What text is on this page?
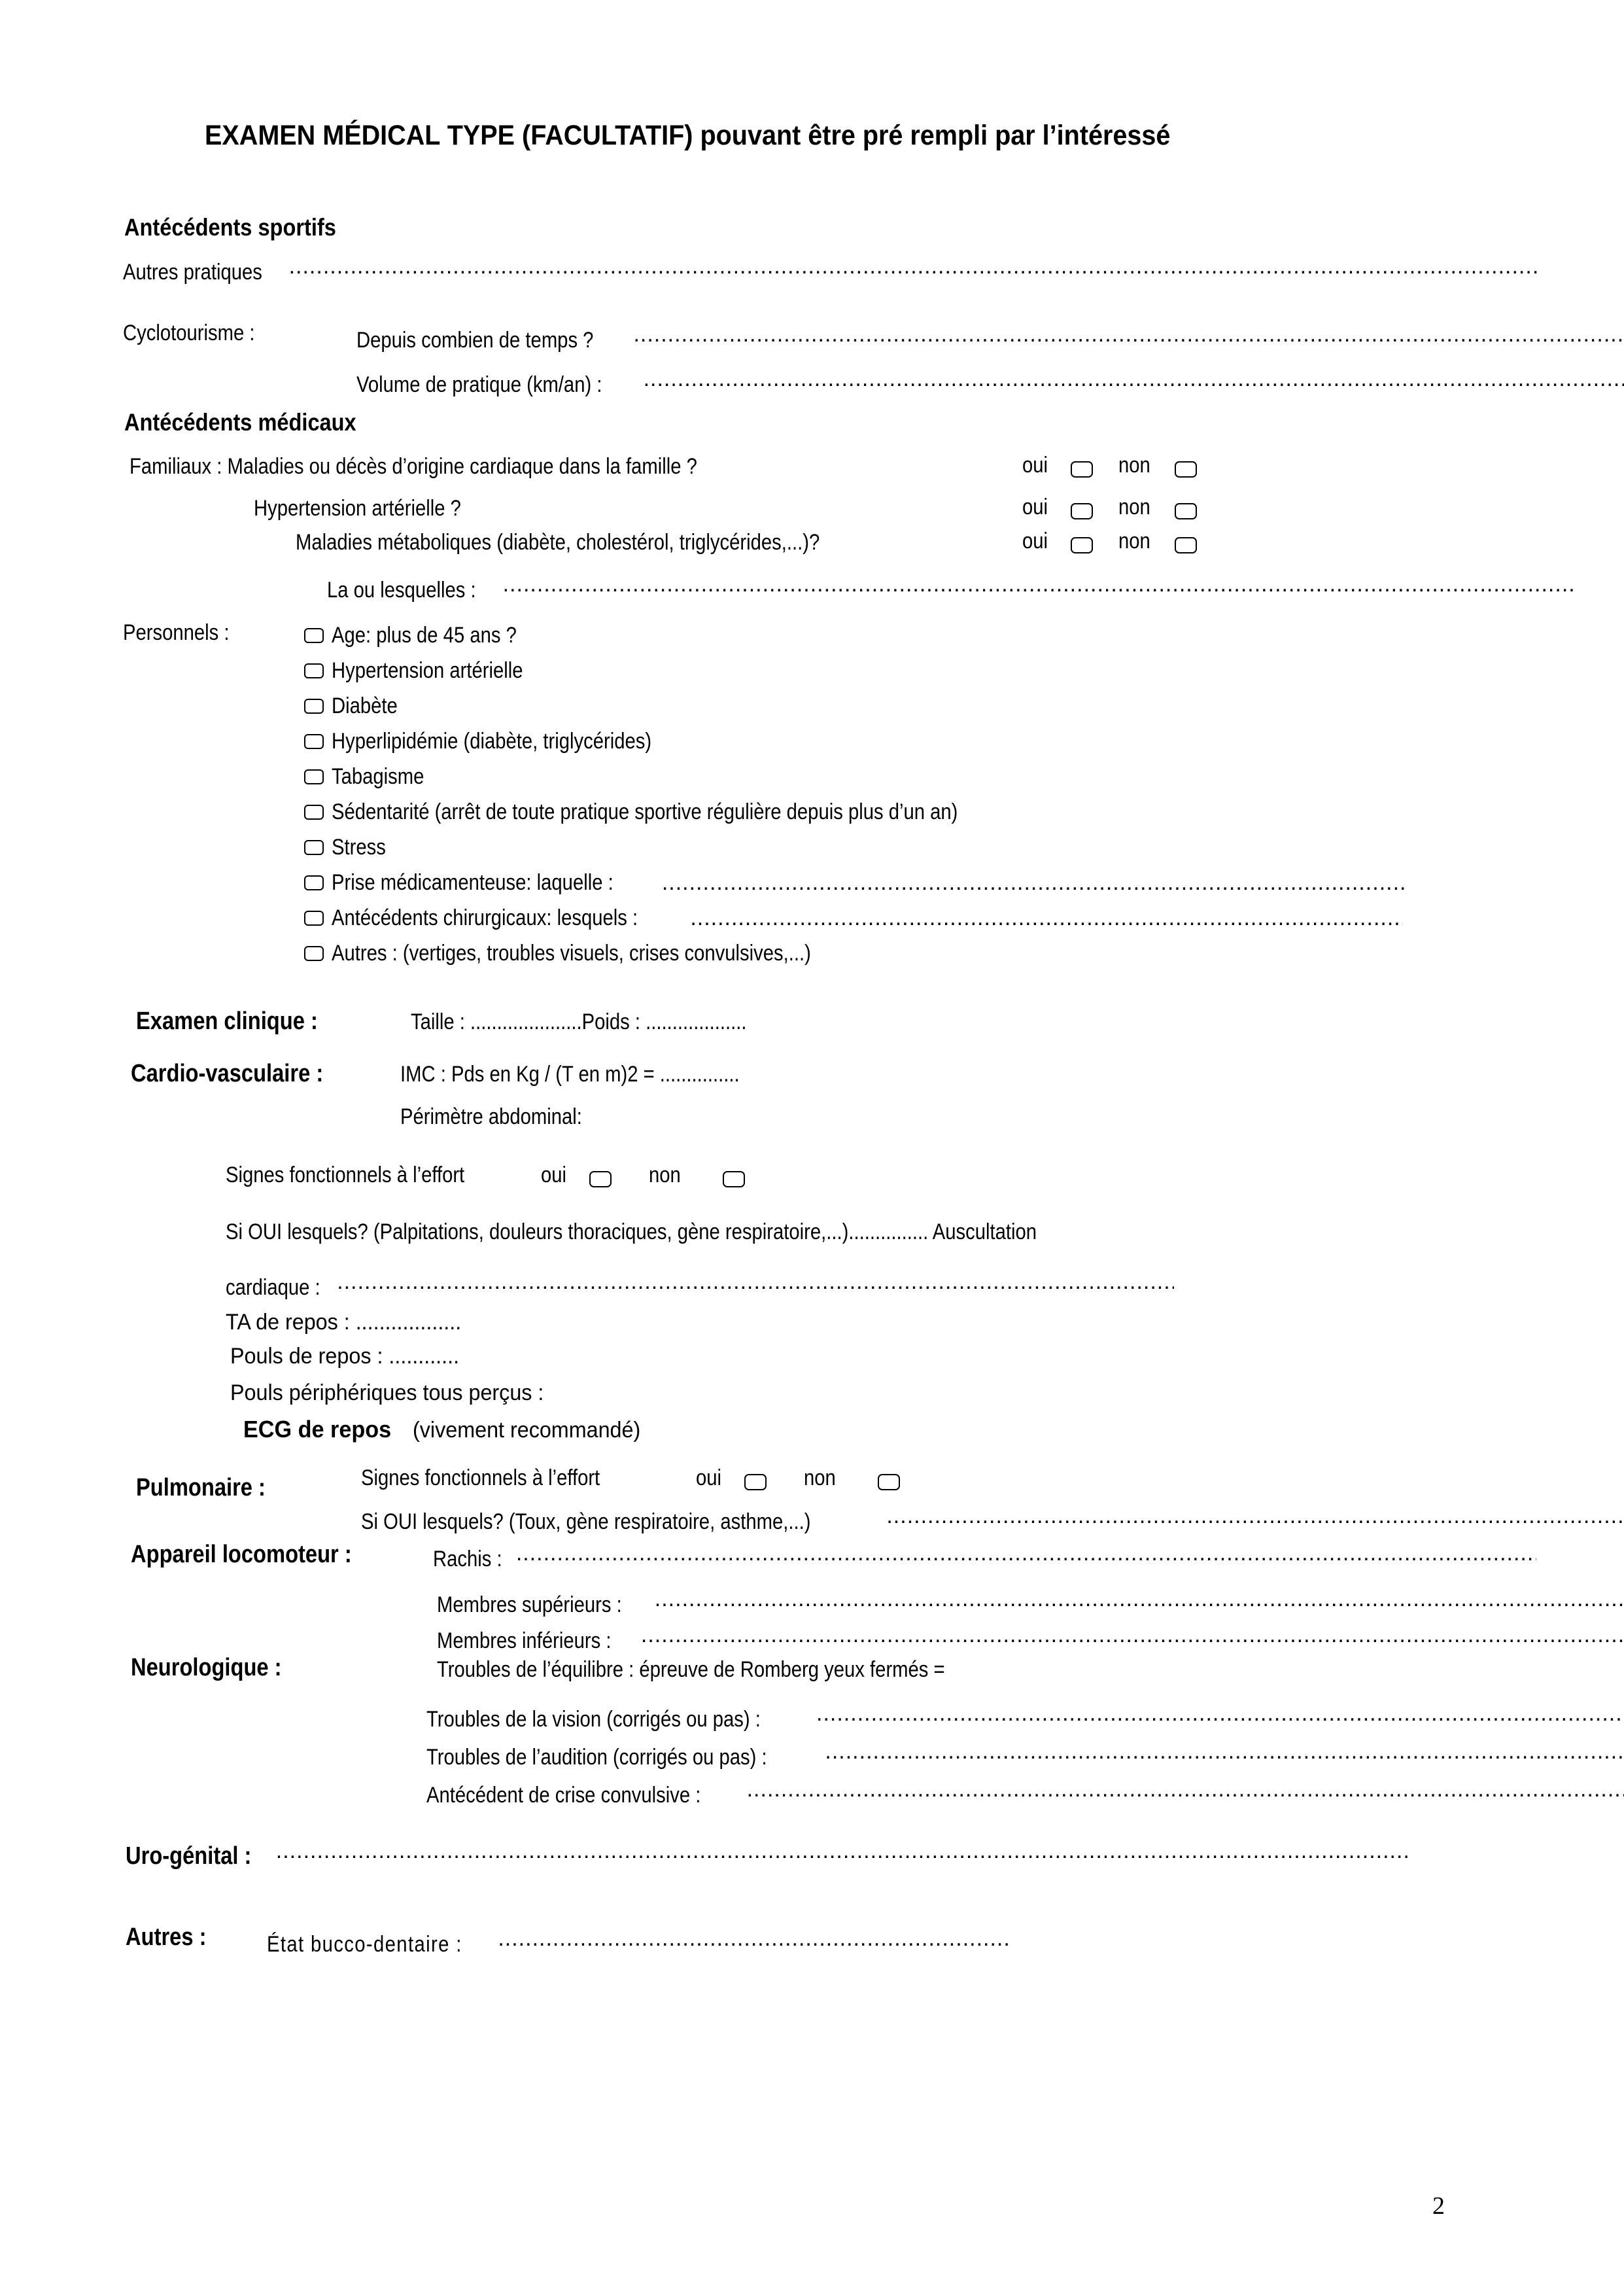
EXAMEN MÉDICAL TYPE (FACULTATIF) pouvant être pré rempli par l’intéressé
Antécédents sportifs
Autres pratiques.....
Cyclotourisme :	Depuis combien de temps ?.....
Volume de pratique (km/an) :.....
Antécédents médicaux
Familiaux : Maladies ou décès d’origine cardiaque dans la famille ?	oui	non
Hypertension artérielle ?	oui	non
Maladies métaboliques (diabète, cholestérol, triglycérides,...)?	oui	non
La ou lesquelles :.....
Personnels :	Age: plus de 45 ans ?
Hypertension artérielle
Diabète
Hyperlipidémie (diabète, triglycérides)
Tabagisme
Sédentarité (arrêt de toute pratique sportive régulière depuis plus d’un an)
Stress
Prise médicamenteuse: laquelle :
.....
Antécédents chirurgicaux: lesquels :
.....
Autres : (vertiges, troubles visuels, crises convulsives,...)
Examen clinique :	Taille : .....................Poids : ...................
Cardio-vasculaire :	IMC : Pds en Kg / (T en m)2 = ...............
Périmètre abdominal:
Signes fonctionnels à l’effort	oui	non
Si OUI lesquels? (Palpitations, douleurs thoraciques, gène respiratoire,...)............... Auscultation
cardiaque :.....
TA de repos : ..................
Pouls de repos : ............
Pouls périphériques tous perçus :
ECG de repos (vivement recommandé)
Pulmonaire :	Signes fonctionnels à l’effort	oui	non
Si OUI lesquels? (Toux, gène respiratoire, asthme,...).....
Appareil locomoteur :	Rachis :.....
Membres supérieurs :.....
Membres inférieurs :.....
Neurologique :	Troubles de l’équilibre : épreuve de Romberg yeux fermés =
Troubles de la vision (corrigés ou pas) :.....
Troubles de l’audition (corrigés ou pas) :.....
Antécédent de crise convulsive :.....
Uro-génital :.....
Autres :	État bucco-dentaire :.....
2
